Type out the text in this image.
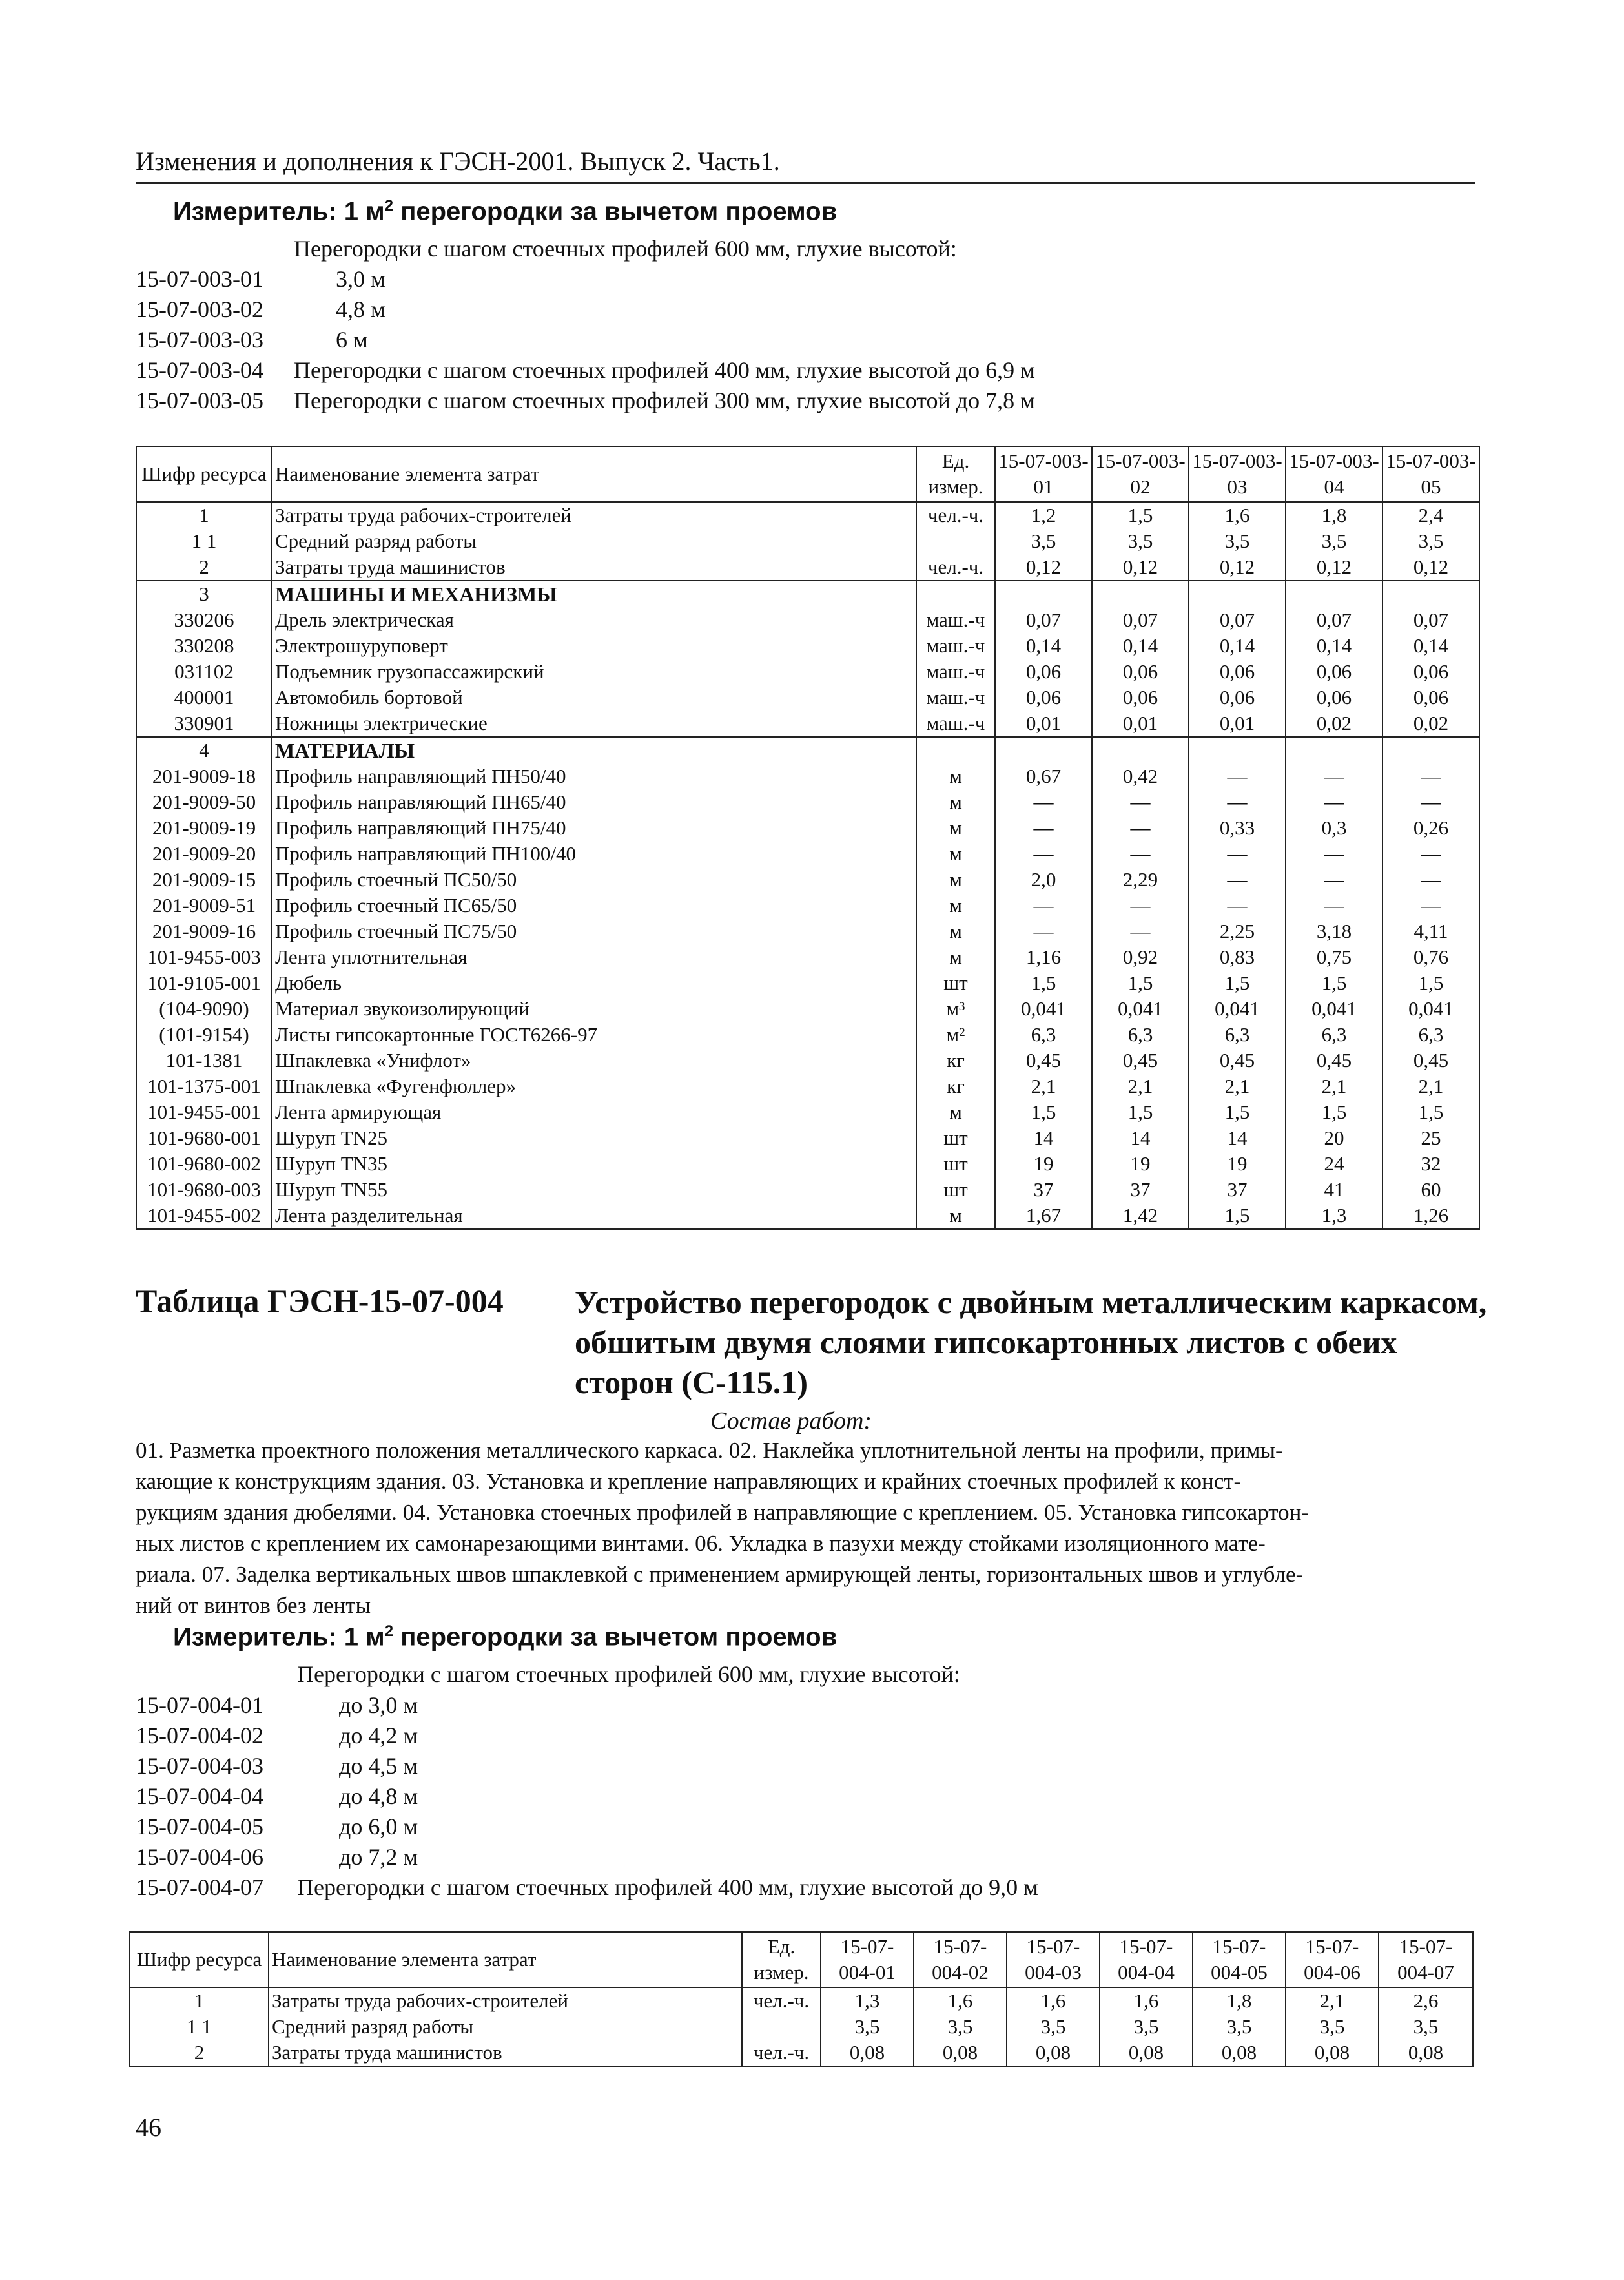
Изменения и дополнения к ГЭСН-2001. Выпуск 2. Часть1.
Измеритель: 1 $м^2$ перегородки за вычетом проемов
Перегородки с шагом стоечных профилей 600 мм, глухие высотой:
15-07-003-01	3,0 м
15-07-003-02	4,8 м
15-07-003-03	6 м
15-07-003-04 Перегородки с шагом стоечных профилей 400 мм, глухие высотой до 6,9 м
15-07-003-05 Перегородки с шагом стоечных профилей 300 мм, глухие высотой до 7,8 м
Шифр ресурса	Наименование элемента затрат	Ед. измер.	15-07-003-01	15-07-003-02	15-07-003-03	15-07-003-04	15-07-003-05
1	Затраты труда рабочих-строителей	чел.-ч.	1,2	1,5	1,6	1,8	2,4
1 1	Средний разряд работы		3,5	3,5	3,5	3,5	3,5
2	Затраты труда машинистов	чел.-ч.	0,12	0,12	0,12	0,12	0,12
3	МАШИНЫ И МЕХАНИЗМЫ						
330206	Дрель электрическая	маш.-ч	0,07	0,07	0,07	0,07	0,07
330208	Электрошуруповерт	маш.-ч	0,14	0,14	0,14	0,14	0,14
031102	Подъемник грузопассажирский	маш.-ч	0,06	0,06	0,06	0,06	0,06
400001	Автомобиль бортовой	маш.-ч	0,06	0,06	0,06	0,06	0,06
330901	Ножницы электрические	маш.-ч	0,01	0,01	0,01	0,02	0,02
4	МАТЕРИАЛЫ						
201-9009-18	Профиль направляющий ПН50/40	м	0,67	0,42	—	—	—
201-9009-50	Профиль направляющий ПН65/40	м	—	—	—	—	—
201-9009-19	Профиль направляющий ПН75/40	м	—	—	0,33	0,3	0,26
201-9009-20	Профиль направляющий ПН100/40	м	—	—	—	—	—
201-9009-15	Профиль стоечный ПС50/50	м	2,0	2,29	—	—	—
201-9009-51	Профиль стоечный ПС65/50	м	—	—	—	—	—
201-9009-16	Профиль стоечный ПС75/50	м	—	—	2,25	3,18	4,11
101-9455-003	Лента уплотнительная	м	1,16	0,92	0,83	0,75	0,76
101-9105-001	Дюбель	шт	1,5	1,5	1,5	1,5	1,5
(104-9090)	Материал звукоизолирующий	м³	0,041	0,041	0,041	0,041	0,041
(101-9154)	Листы гипсокартонные ГОСТ6266-97	м²	6,3	6,3	6,3	6,3	6,3
101-1381	Шпаклевка «Унифлот»	кг	0,45	0,45	0,45	0,45	0,45
101-1375-001	Шпаклевка «Фугенфюллер»	кг	2,1	2,1	2,1	2,1	2,1
101-9455-001	Лента армирующая	м	1,5	1,5	1,5	1,5	1,5
101-9680-001	Шуруп TN25	шт	14	14	14	20	25
101-9680-002	Шуруп TN35	шт	19	19	19	24	32
101-9680-003	Шуруп TN55	шт	37	37	37	41	60
101-9455-002	Лента разделительная	м	1,67	1,42	1,5	1,3	1,26
Таблица ГЭСН-15-07-004 Устройство перегородок с двойным металлическим каркасом,
обшитым двумя слоями гипсокартонных листов с обеих
сторон (С-115.1)
Состав работ:
01. Разметка проектного положения металлического каркаса. 02. Наклейка уплотнительной ленты на профили, примы-
кающие к конструкциям здания. 03. Установка и крепление направляющих и крайних стоечных профилей к конст-
рукциям здания дюбелями. 04. Установка стоечных профилей в направляющие с креплением. 05. Установка гипсокартон-
ных листов с креплением их самонарезающими винтами. 06. Укладка в пазухи между стойками изоляционного мате-
риала. 07. Заделка вертикальных швов шпаклевкой с применением армирующей ленты, горизонтальных швов и углубле-
ний от винтов без ленты
Измеритель: 1 $м^2$ перегородки за вычетом проемов
Перегородки с шагом стоечных профилей 600 мм, глухие высотой:
15-07-004-01	до 3,0 м
15-07-004-02	до 4,2 м
15-07-004-03	до 4,5 м
15-07-004-04	до 4,8 м
15-07-004-05	до 6,0 м
15-07-004-06	до 7,2 м
15-07-004-07 Перегородки с шагом стоечных профилей 400 мм, глухие высотой до 9,0 м
Шифр ресурса	Наименование элемента затрат	Ед. измер.	15-07-004-01	15-07-004-02	15-07-004-03	15-07-004-04	15-07-004-05	15-07-004-06	15-07-004-07
1	Затраты труда рабочих-строителей	чел.-ч.	1,3	1,6	1,6	1,6	1,8	2,1	2,6
1 1	Средний разряд работы		3,5	3,5	3,5	3,5	3,5	3,5	3,5
2	Затраты труда машинистов	чел.-ч.	0,08	0,08	0,08	0,08	0,08	0,08	0,08
46
